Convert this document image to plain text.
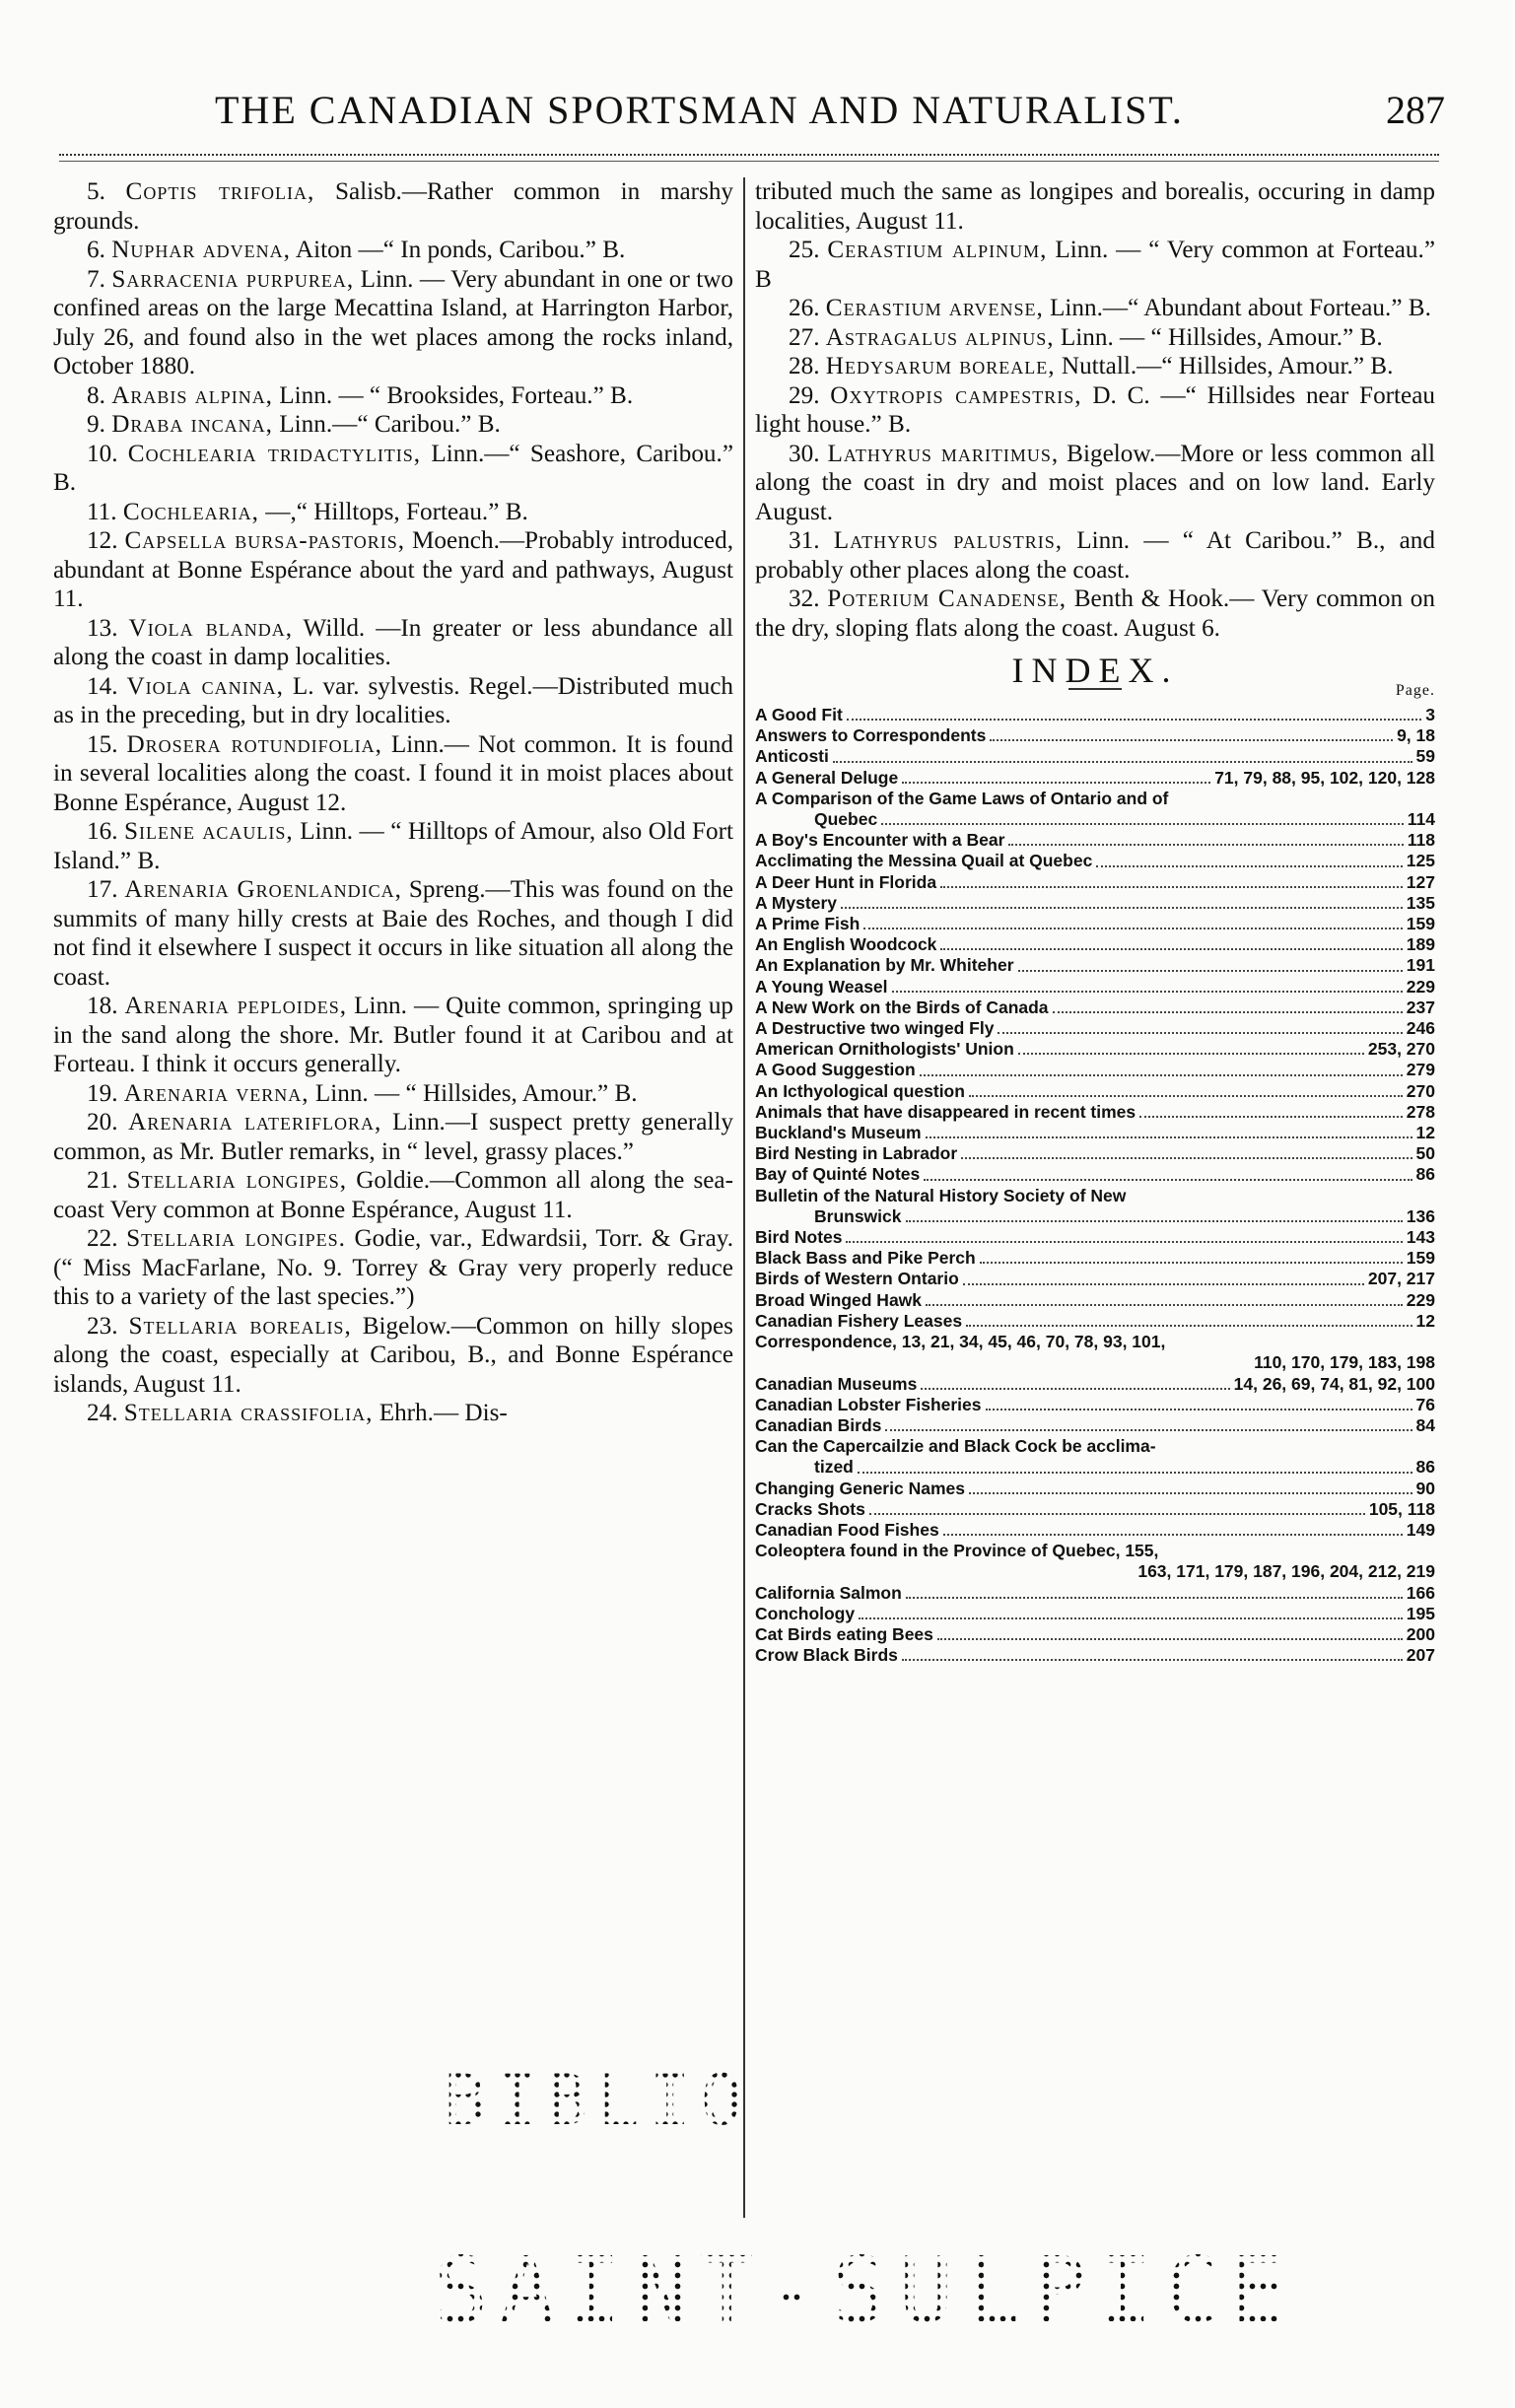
THE CANADIAN SPORTSMAN AND NATURALIST.	287

5. Coptis trifolia, Salisb.—Rather common in marshy grounds.

6. Nuphar advena, Aiton —“ In ponds, Caribou.” B.

7. Sarracenia purpurea, Linn. — Very abundant in one or two confined areas on the large Mecattina Island, at Harrington Harbor, July 26, and found also in the wet places among the rocks inland, October 1880.

8. Arabis alpina, Linn. — “ Brooksides, Forteau.” B.

9. Draba incana, Linn.—“ Caribou.” B.

10. Cochlearia tridactylitis, Linn.—“ Seashore, Caribou.” B.

11. Cochlearia, —,“ Hilltops, Forteau.” B.

12. Capsella bursa-pastoris, Moench.—Probably introduced, abundant at Bonne Espérance about the yard and pathways, August 11.

13. Viola blanda, Willd. —In greater or less abundance all along the coast in damp localities.

14. Viola canina, L. var. sylvestis. Regel.—Distributed much as in the preceding, but in dry localities.

15. Drosera rotundifolia, Linn.— Not common. It is found in several localities along the coast. I found it in moist places about Bonne Espérance, August 12.

16. Silene acaulis, Linn. — “ Hilltops of Amour, also Old Fort Island.” B.

17. Arenaria Groenlandica, Spreng.—This was found on the summits of many hilly crests at Baie des Roches, and though I did not find it elsewhere I suspect it occurs in like situation all along the coast.

18. Arenaria peploides, Linn. — Quite common, springing up in the sand along the shore. Mr. Butler found it at Caribou and at Forteau. I think it occurs generally.

19. Arenaria verna, Linn. — “ Hillsides, Amour.” B.

20. Arenaria lateriflora, Linn.—I suspect pretty generally common, as Mr. Butler remarks, in “ level, grassy places.”

21. Stellaria longipes, Goldie.—Common all along the sea-coast Very common at Bonne Espérance, August 11.

22. Stellaria longipes. Godie, var., Edwardsii, Torr. & Gray. (“ Miss MacFarlane, No. 9. Torrey & Gray very properly reduce this to a variety of the last species.”)

23. Stellaria borealis, Bigelow.—Common on hilly slopes along the coast, especially at Caribou, B., and Bonne Espérance islands, August 11.

24. Stellaria crassifolia, Ehrh.— Dis-

tributed much the same as longipes and borealis, occuring in damp localities, August 11.

25. Cerastium alpinum, Linn. — “ Very common at Forteau.” B

26. Cerastium arvense, Linn.—“ Abundant about Forteau.” B.

27. Astragalus alpinus, Linn. — “ Hillsides, Amour.” B.

28. Hedysarum boreale, Nuttall.—“ Hillsides, Amour.” B.

29. Oxytropis campestris, D. C. —“ Hillsides near Forteau light house.” B.

30. Lathyrus maritimus, Bigelow.—More or less common all along the coast in dry and moist places and on low land. Early August.

31. Lathyrus palustris, Linn. — “ At Caribou.” B., and probably other places along the coast.

32. Poterium Canadense, Benth & Hook.— Very common on the dry, sloping flats along the coast. August 6.

INDEX.	Page.
A Good Fit	3
Answers to Correspondents	9, 18
Anticosti	59
A General Deluge	71, 79, 88, 95, 102, 120, 128
A Comparison of the Game Laws of Ontario and of
Quebec	114
A Boy's Encounter with a Bear	118
Acclimating the Messina Quail at Quebec	125
A Deer Hunt in Florida	127
A Mystery	135
A Prime Fish	159
An English Woodcock	189
An Explanation by Mr. Whiteher	191
A Young Weasel	229
A New Work on the Birds of Canada	237
A Destructive two winged Fly	246
American Ornithologists' Union	253, 270
A Good Suggestion	279
An Icthyological question	270
Animals that have disappeared in recent times	278
Buckland's Museum	12
Bird Nesting in Labrador	50
Bay of Quinté Notes	86
Bulletin of the Natural History Society of New
Brunswick	136
Bird Notes	143
Black Bass and Pike Perch	159
Birds of Western Ontario	207, 217
Broad Winged Hawk	229
Canadian Fishery Leases	12
Correspondence, 13, 21, 34, 45, 46, 70, 78, 93, 101,
110, 170, 179, 183, 198
Canadian Museums	14, 26, 69, 74, 81, 92, 100
Canadian Lobster Fisheries	76
Canadian Birds	84
Can the Capercailzie and Black Cock be acclima-
tized	86
Changing Generic Names	90
Cracks Shots	105, 118
Canadian Food Fishes	149
Coleoptera found in the Province of Quebec, 155,
163, 171, 179, 187, 196, 204, 212, 219
California Salmon	166
Conchology	195
Cat Birds eating Bees	200
Crow Black Birds	207
BIBLIO
SAINT-SULPICE
